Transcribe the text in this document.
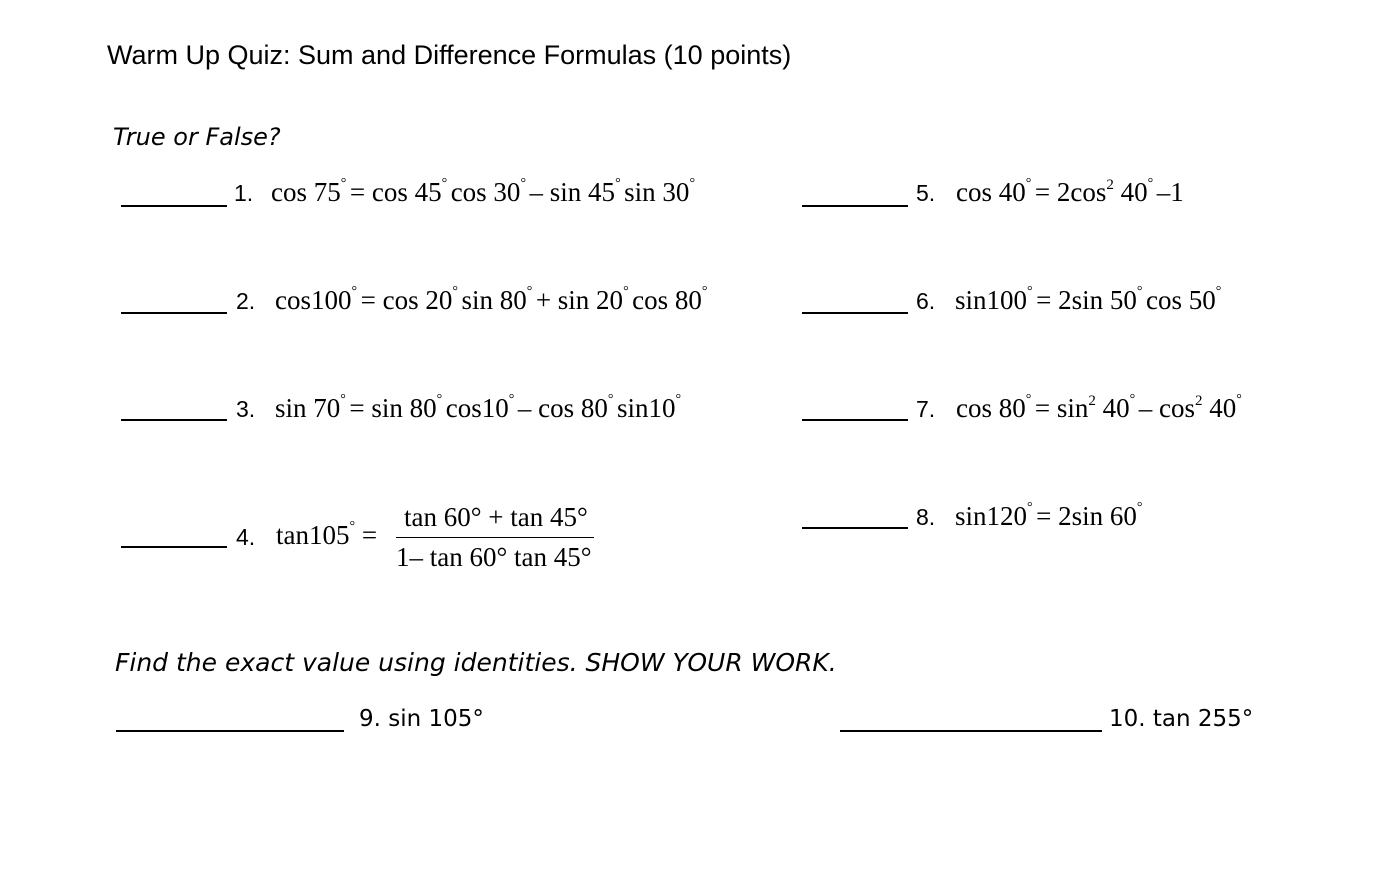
Warm Up Quiz: Sum and Difference Formulas (10 points)
True or False?
1. cos 75° = cos 45° cos 30° – sin 45° sin 30°
2. cos100° = cos 20° sin 80° + sin 20° cos 80°
3. sin 70° = sin 80° cos10° – cos 80° sin10°
4. tan105° =
tan 60° + tan 45°
1– tan 60° tan 45°
5. $\cos 40^\circ = 2\cos^2$ 40° –1
6. sin100° = 2sin 50° cos 50°
7. $\cos 80^\circ = \sin^2 40^\circ - \cos^2 40^\circ$
8. sin120° = 2sin 60°
Find the exact value using identities. SHOW YOUR WORK.
9. sin 105°	10. tan 255°
